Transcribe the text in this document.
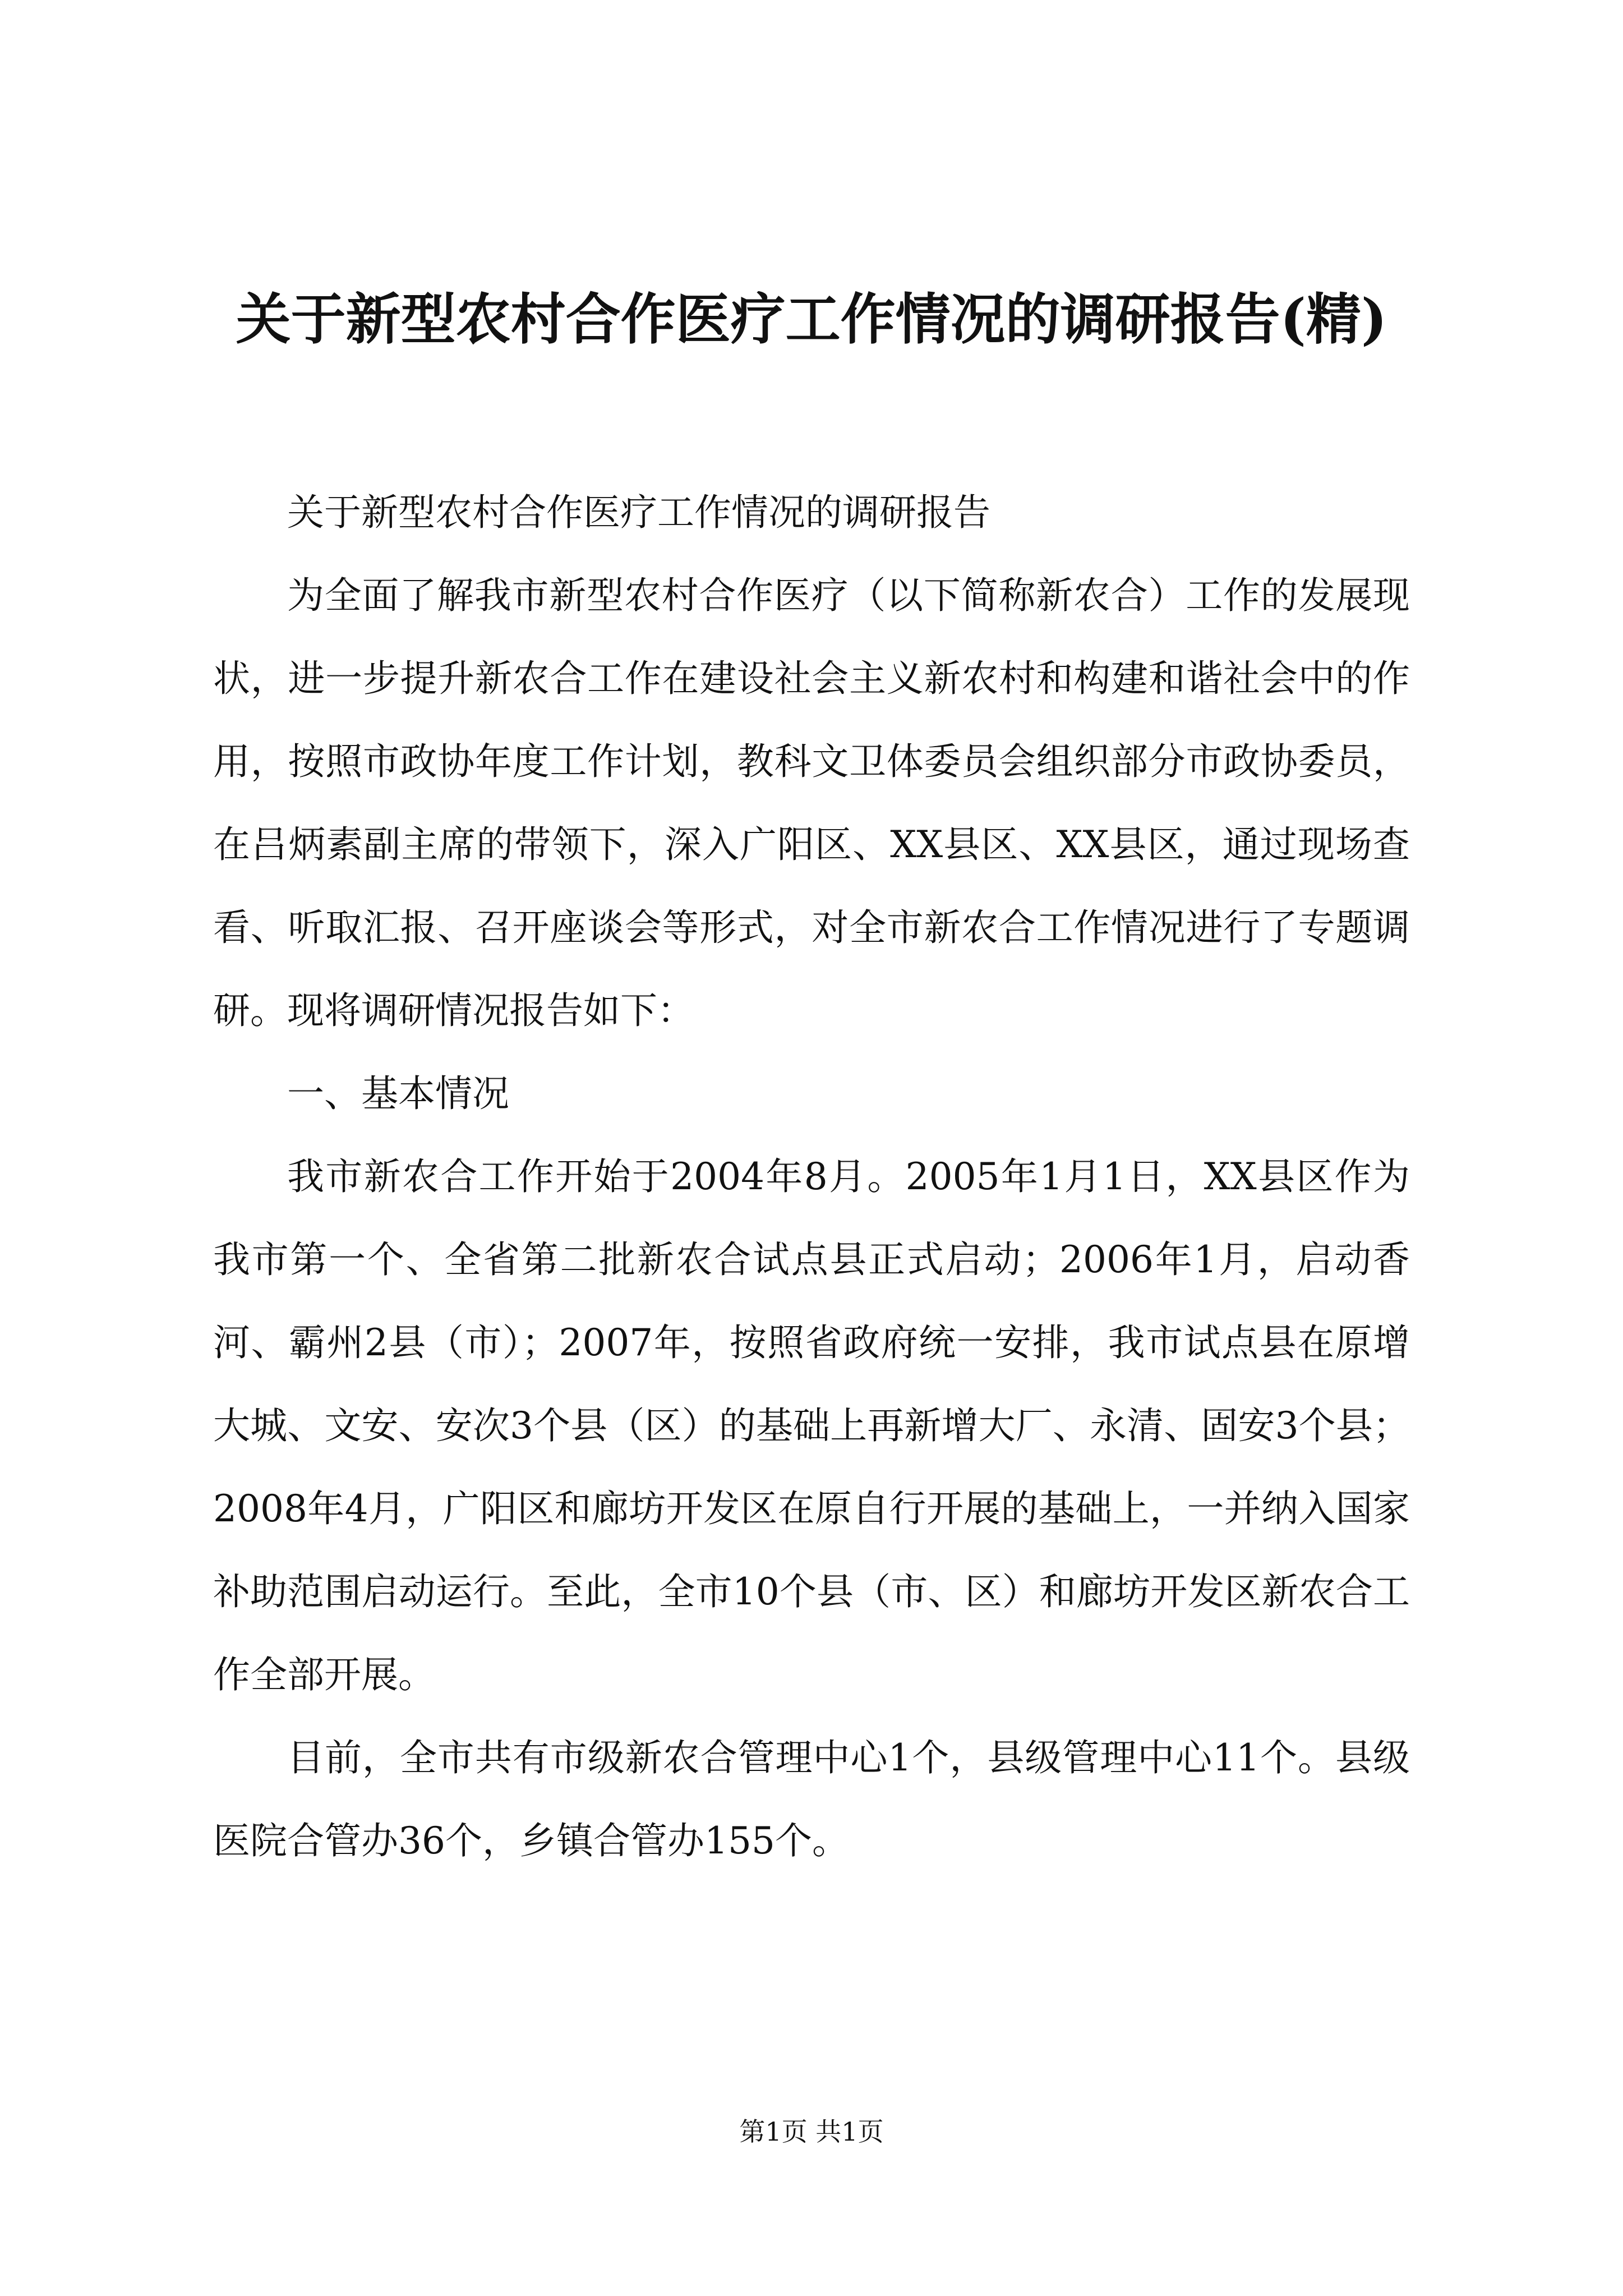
关于新型农村合作医疗工作情况的调研报告(精)

关于新型农村合作医疗工作情况的调研报告

为全面了解我市新型农村合作医疗（以下简称新农合）工作的发展现状，进一步提升新农合工作在建设社会主义新农村和构建和谐社会中的作用，按照市政协年度工作计划，教科文卫体委员会组织部分市政协委员，在吕炳素副主席的带领下，深入广阳区、XX县区、XX县区，通过现场查看、听取汇报、召开座谈会等形式，对全市新农合工作情况进行了专题调研。现将调研情况报告如下：

一、基本情况

我市新农合工作开始于2004年8月。2005年1月1日，XX县区作为我市第一个、全省第二批新农合试点县正式启动；2006年1月，启动香河、霸州2县（市）；2007年，按照省政府统一安排，我市试点县在原增大城、文安、安次3个县（区）的基础上再新增大厂、永清、固安3个县；2008年4月，广阳区和廊坊开发区在原自行开展的基础上，一并纳入国家补助范围启动运行。至此，全市10个县（市、区）和廊坊开发区新农合工作全部开展。

目前，全市共有市级新农合管理中心1个，县级管理中心11个。县级医院合管办36个，乡镇合管办155个。

第1页 共1页
